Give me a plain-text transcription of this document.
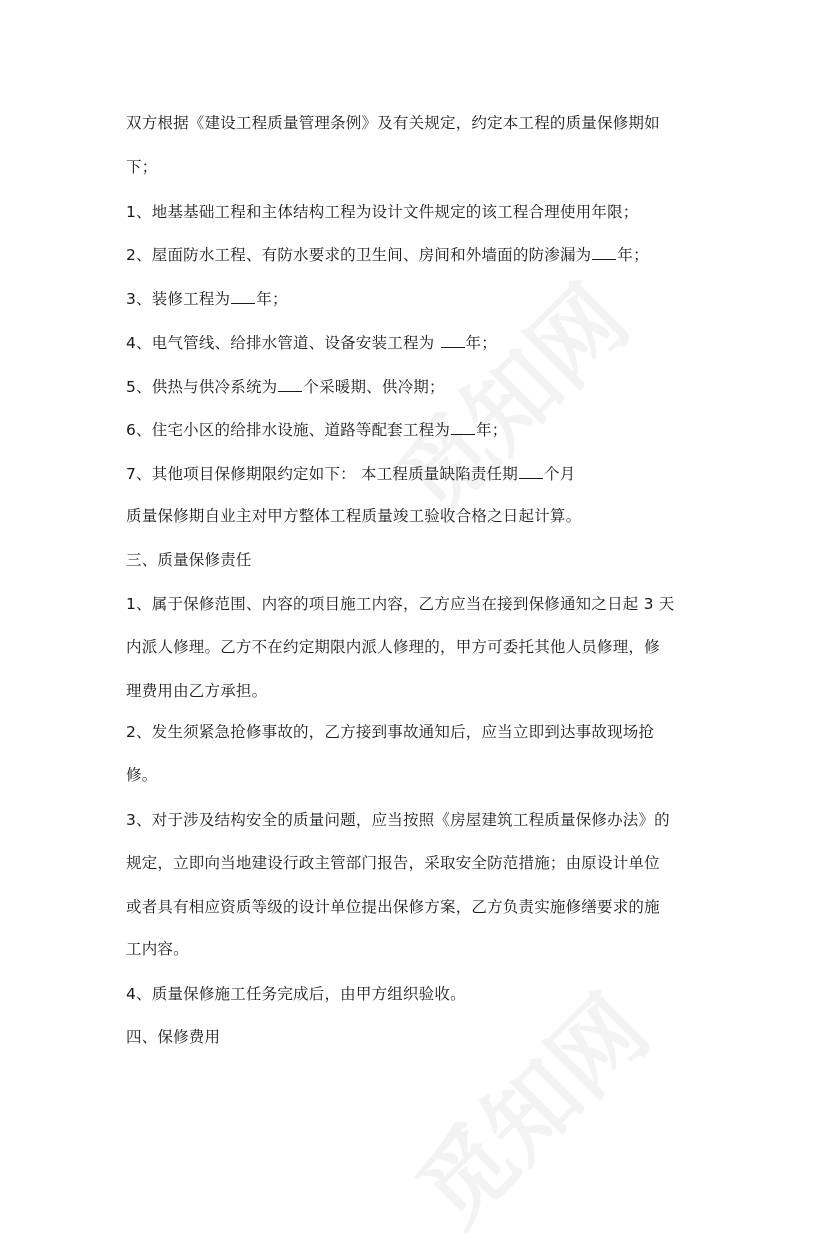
双方根据《建设工程质量管理条例》及有关规定，约定本工程的质量保修期如
下；
1、地基基础工程和主体结构工程为设计文件规定的该工程合理使用年限；
2、屋面防水工程、有防水要求的卫生间、房间和外墙面的防渗漏为 年；
3、装修工程为 年；
4、电气管线、给排水管道、设备安装工程为 年；
5、供热与供冷系统为 个采暖期、供冷期；
6、住宅小区的给排水设施、道路等配套工程为 年；
7、其他项目保修期限约定如下： 本工程质量缺陷责任期 个月
质量保修期自业主对甲方整体工程质量竣工验收合格之日起计算。
三、质量保修责任
1、属于保修范围、内容的项目施工内容，乙方应当在接到保修通知之日起 3 天
内派人修理。乙方不在约定期限内派人修理的，甲方可委托其他人员修理，修
理费用由乙方承担。
2、发生须紧急抢修事故的，乙方接到事故通知后，应当立即到达事故现场抢
修。
3、对于涉及结构安全的质量问题，应当按照《房屋建筑工程质量保修办法》的
规定，立即向当地建设行政主管部门报告，采取安全防范措施；由原设计单位
或者具有相应资质等级的设计单位提出保修方案，乙方负责实施修缮要求的施
工内容。
4、质量保修施工任务完成后，由甲方组织验收。
四、保修费用
